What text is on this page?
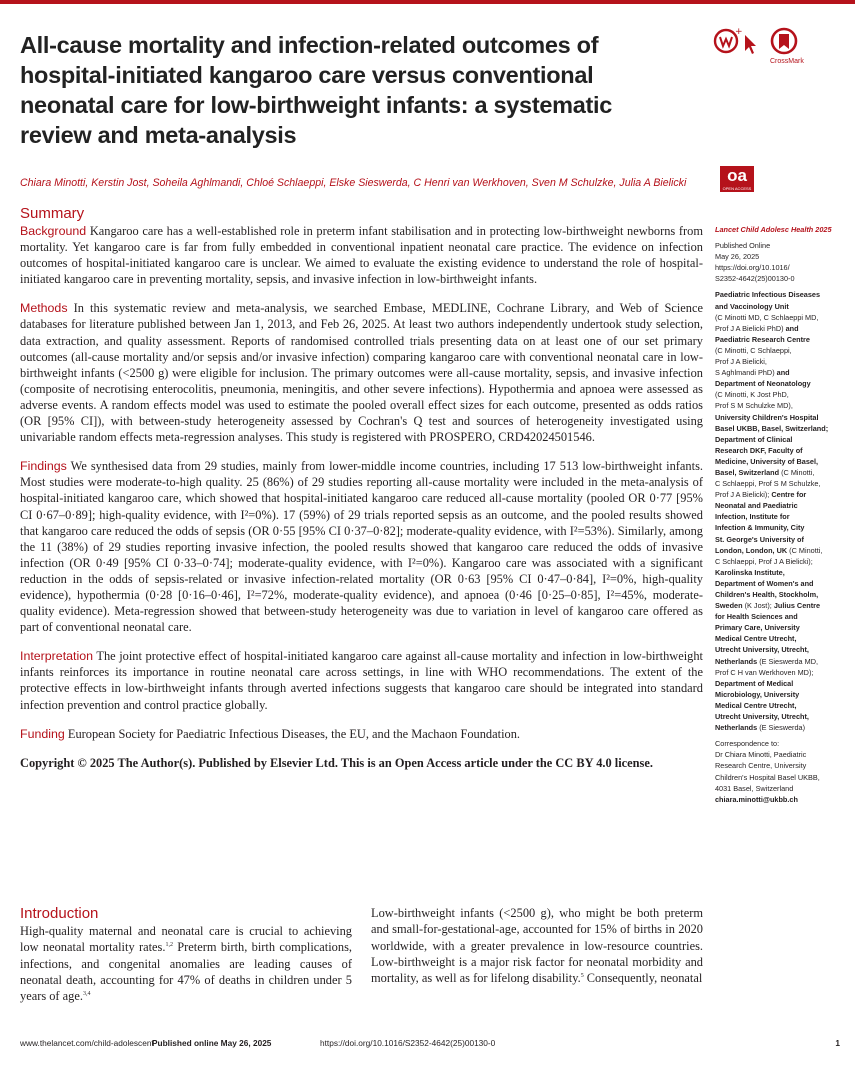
All-cause mortality and infection-related outcomes of
hospital-initiated kangaroo care versus conventional
neonatal care for low-birthweight infants: a systematic
review and meta-analysis
+
CrossMark
Chiara Minotti, Kerstin Jost, Soheila Aghlmandi, Chloé Schlaeppi, Elske Sieswerda, C Henri van Werkhoven, Sven M Schulzke, Julia A Bielicki	oa
OPEN ACCESS
Summary

Background Kangaroo care has a well-established role in preterm infant stabilisation and in protecting low-birthweight newborns from mortality. Yet kangaroo care is far from fully embedded in conventional inpatient neonatal care practice. The evidence on infection outcomes of hospital-initiated kangaroo care is unclear. We aimed to evaluate the existing evidence to understand the role of hospital-initiated kangaroo care in preventing mortality, sepsis, and invasive infection in low-birthweight infants.

Methods In this systematic review and meta-analysis, we searched Embase, MEDLINE, Cochrane Library, and Web of Science databases for literature published between Jan 1, 2013, and Feb 26, 2025. At least two authors independently undertook study selection, data extraction, and quality assessment. Reports of randomised controlled trials presenting data on at least one of our set primary outcomes (all-cause mortality and/or sepsis and/or invasive infection) comparing kangaroo care with conventional neonatal care in low-birthweight infants (<2500 g) were eligible for inclusion. The primary outcomes were all-cause mortality, sepsis, and invasive infection (composite of necrotising enterocolitis, pneumonia, meningitis, and other severe infections). Hypothermia and apnoea were assessed as adverse events. A random effects model was used to estimate the pooled overall effect sizes for each outcome, presented as odds ratios (OR [95% CI]), with between-study heterogeneity assessed by Cochran's Q test and sources of heterogeneity investigated using univariable random effects meta-regression analyses. This study is registered with PROSPERO, CRD42024501546.

Findings We synthesised data from 29 studies, mainly from lower-middle income countries, including 17 513 low-birthweight infants. Most studies were moderate-to-high quality. 25 (86%) of 29 studies reporting all-cause mortality were included in the meta-analysis of hospital-initiated kangaroo care, which showed that hospital-initiated kangaroo care reduced all-cause mortality (pooled OR 0·77 [95% CI 0·67–0·89]; high-quality evidence, with I²=0%). 17 (59%) of 29 trials reported sepsis as an outcome, and the pooled results showed that kangaroo care reduced the odds of sepsis (OR 0·55 [95% CI 0·37–0·82]; moderate-quality evidence, with I²=53%). Similarly, among the 11 (38%) of 29 studies reporting invasive infection, the pooled results showed that kangaroo care reduced the odds of invasive infection (OR 0·49 [95% CI 0·33–0·74]; moderate-quality evidence, with I²=0%). Kangaroo care was associated with a significant reduction in the odds of sepsis-related or invasive infection-related mortality (OR 0·63 [95% CI 0·47–0·84], I²=0%, high-quality evidence), hypothermia (0·28 [0·16–0·46], I²=72%, moderate-quality evidence), and apnoea (0·46 [0·25–0·85], I²=45%, moderate-quality evidence). Meta-regression showed that between-study heterogeneity was due to variation in level of kangaroo care offered as part of conventional neonatal care.

Interpretation The joint protective effect of hospital-initiated kangaroo care against all-cause mortality and infection in low-birthweight infants reinforces its importance in routine neonatal care across settings, in line with WHO recommendations. The extent of the protective effects in low-birthweight infants through averted infections suggests that kangaroo care should be integrated into standard infection prevention and control practice globally.

Funding European Society for Paediatric Infectious Diseases, the EU, and the Machaon Foundation.

Copyright © 2025 The Author(s). Published by Elsevier Ltd. This is an Open Access article under the CC BY 4.0 license.

Introduction
High-quality maternal and neonatal care is crucial to achieving low neonatal mortality rates.$^{1,2}$ Preterm birth, birth complications, infections, and congenital anomalies are leading causes of neonatal death, accounting for 47% of deaths in children under 5 years of age.$^{3,4}$
Low-birthweight infants (<2500 g), who might be both preterm and small-for-gestational-age, accounted for 15% of births in 2020 worldwide, with a greater prevalence in low-resource countries. Low-birthweight is a major risk factor for neonatal morbidity and mortality, as well as for lifelong disability.$^5$ Consequently, neonatal
Lancet Child Adolesc Health 2025
Published Online
May 26, 2025
https://doi.org/10.1016/
S2352-4642(25)00130-0
Paediatric Infectious Diseases
and Vaccinology Unit
(C Minotti MD, C Schlaeppi MD,
Prof J A Bielicki PhD) and
Paediatric Research Centre
(C Minotti, C Schlaeppi,
Prof J A Bielicki,
S Aghlmandi PhD) and
Department of Neonatology
(C Minotti, K Jost PhD,
Prof S M Schulzke MD),
University Children's Hospital
Basel UKBB, Basel, Switzerland;
Department of Clinical
Research DKF, Faculty of
Medicine, University of Basel,
Basel, Switzerland (C Minotti,
C Schlaeppi, Prof S M Schulzke,
Prof J A Bielicki); Centre for
Neonatal and Paediatric
Infection, Institute for
Infection & Immunity, City
St. George's University of
London, London, UK (C Minotti,
C Schlaeppi, Prof J A Bielicki);
Karolinska Institute,
Department of Women's and
Children's Health, Stockholm,
Sweden (K Jost); Julius Centre
for Health Sciences and
Primary Care, University
Medical Centre Utrecht,
Utrecht University, Utrecht,
Netherlands (E Sieswerda MD,
Prof C H van Werkhoven MD);
Department of Medical
Microbiology, University
Medical Centre Utrecht,
Utrecht University, Utrecht,
Netherlands (E Sieswerda)
Correspondence to:
Dr Chiara Minotti, Paediatric
Research Centre, University
Children's Hospital Basel UKBB,
4031 Basel, Switzerland
chiara.minotti@ukbb.ch
www.thelancet.com/child-adolescent
Published online May 26, 2025	https://doi.org/10.1016/S2352-4642(25)00130-0	1
